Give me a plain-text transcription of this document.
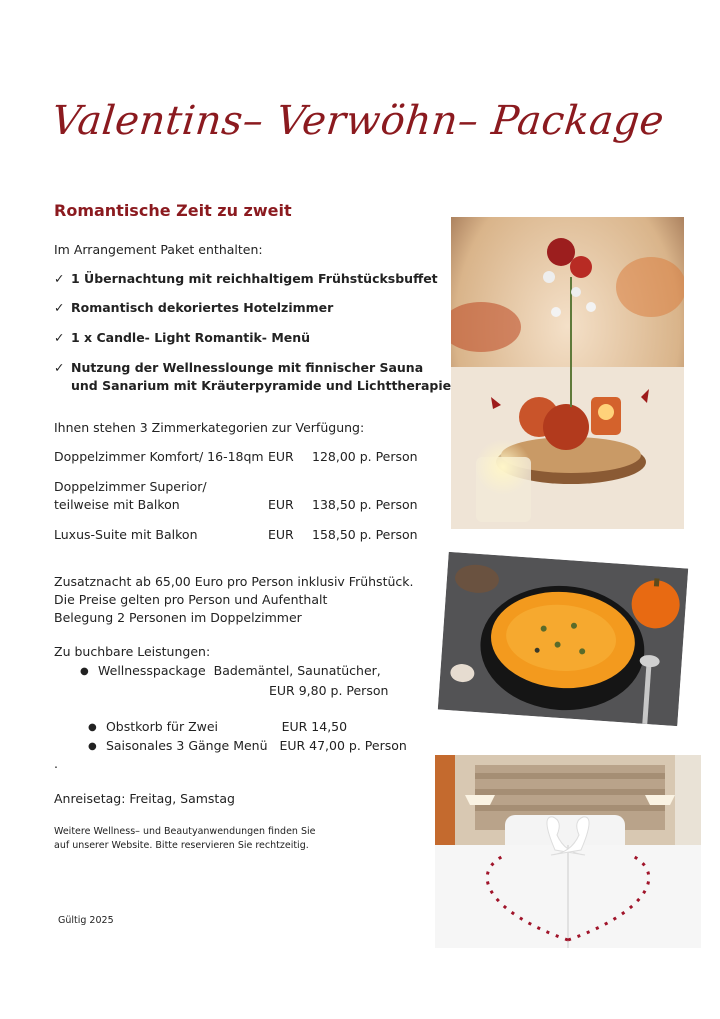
Valentins– Verwöhn– Package
Romantische Zeit zu zweit
Im Arrangement Paket enthalten:
✓ 1 Übernachtung mit reichhaltigem Frühstücksbuffet
✓ Romantisch dekoriertes Hotelzimmer
✓ 1 x Candle- Light Romantik- Menü
✓ Nutzung der Wellnesslounge mit finnischer Sauna
und Sanarium mit Kräuterpyramide und Lichttherapie
Ihnen stehen 3 Zimmerkategorien zur Verfügung:
Doppelzimmer Komfort/ 16-18qm EUR 128,00 p. Person
Doppelzimmer Superior/
teilweise mit Balkon	EUR 138,50 p. Person
Luxus-Suite mit Balkon	EUR 158,50 p. Person
Zusatznacht ab 65,00 Euro pro Person inklusiv Frühstück.
Die Preise gelten pro Person und Aufenthalt
Belegung 2 Personen im Doppelzimmer
Zu buchbare Leistungen:
● Wellnesspackage  Bademäntel, Saunatücher,
EUR 9,80 p. Person

● Obstkorb für Zwei                EUR 14,50

● Saisonales 3 Gänge Menü   EUR 47,00 p. Person

.
Anreisetag: Freitag, Samstag
Weitere Wellness– und Beautyanwendungen finden Sie
auf unserer Website. Bitte reservieren Sie rechtzeitig.
Gültig 2025
